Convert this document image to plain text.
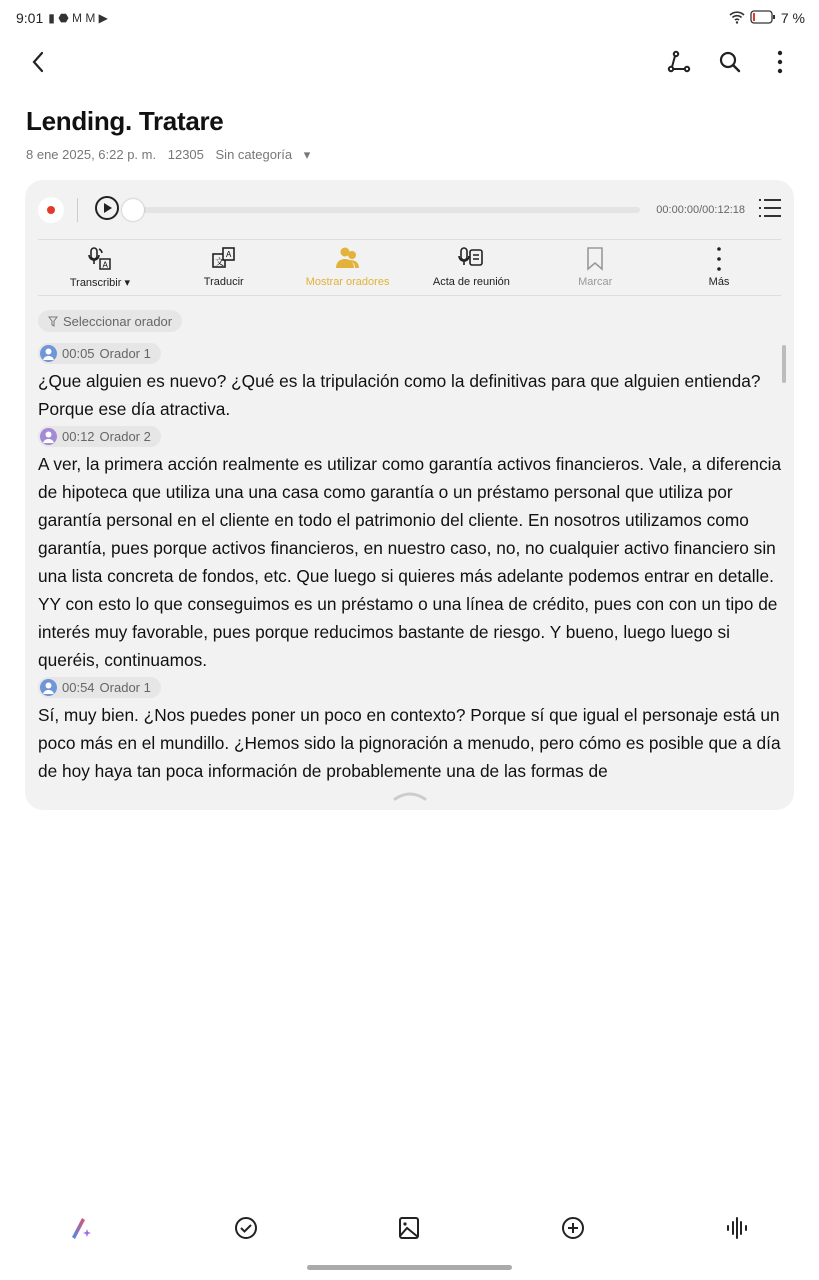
9:01 ▮ ⬣ M M ▶	7 %
Lending. Tratare
8 ene 2025, 6:22 p. m. 12305 Sin categoría ▾
00:00:00/00:12:18
A
Transcribir ▾
文
A
Traducir	Mostrar oradores	Acta de reunión	Marcar	Más
Seleccionar orador
00:05 Orador 1

¿Que alguien es nuevo? ¿Qué es la tripulación como la definitivas para que alguien entienda? Porque ese día atractiva.

00:12 Orador 2

A ver, la primera acción realmente es utilizar como garantía activos financieros. Vale, a diferencia de hipoteca que utiliza una una casa como garantía o un préstamo personal que utiliza por garantía personal en el cliente en todo el patrimonio del cliente. En nosotros utilizamos como garantía, pues porque activos financieros, en nuestro caso, no, no cualquier activo financiero sin una lista concreta de fondos, etc. Que luego si quieres más adelante podemos entrar en detalle. YY con esto lo que conseguimos es un préstamo o una línea de crédito, pues con con un tipo de interés muy favorable, pues porque reducimos bastante de riesgo. Y bueno, luego luego si queréis, continuamos.

00:54 Orador 1

Sí, muy bien. ¿Nos puedes poner un poco en contexto? Porque sí que igual el personaje está un poco más en el mundillo. ¿Hemos sido la pignoración a menudo, pero cómo es posible que a día de hoy haya tan poca información de probablemente una de las formas de
